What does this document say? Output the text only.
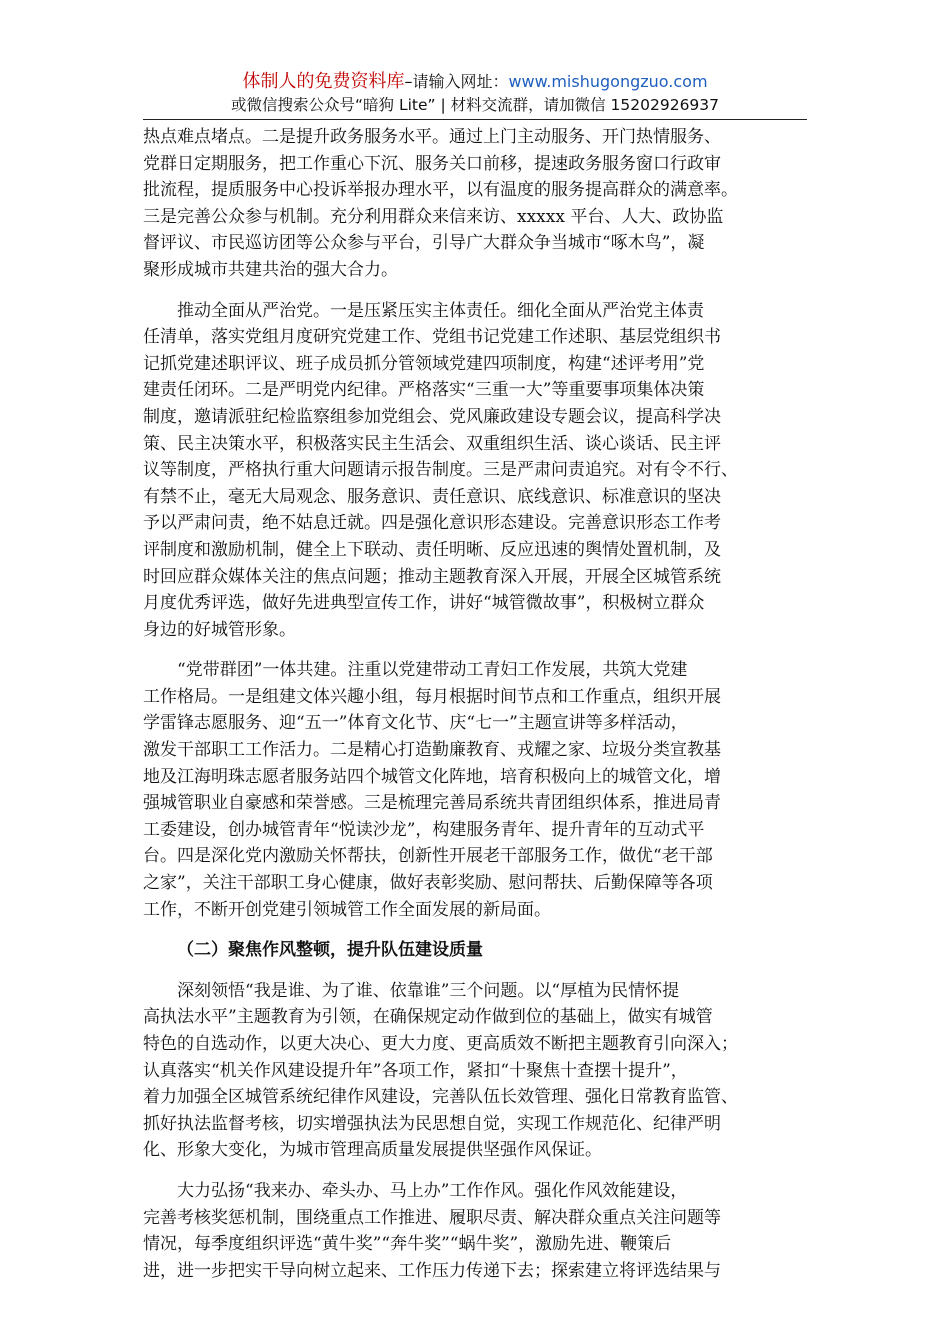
体制人的免费资料库–请输入网址：www.mishugongzuo.com
或微信搜索公众号“暗狗 Lite” | 材料交流群，请加微信 15202926937
热点难点堵点。二是提升政务服务水平。通过上门主动服务、开门热情服务、
党群日定期服务，把工作重心下沉、服务关口前移，提速政务服务窗口行政审
批流程，提质服务中心投诉举报办理水平，以有温度的服务提高群众的满意率。
三是完善公众参与机制。充分利用群众来信来访、xxxxx 平台、人大、政协监
督评议、市民巡访团等公众参与平台，引导广大群众争当城市“啄木鸟”，凝
聚形成城市共建共治的强大合力。
推动全面从严治党。一是压紧压实主体责任。细化全面从严治党主体责
任清单，落实党组月度研究党建工作、党组书记党建工作述职、基层党组织书
记抓党建述职评议、班子成员抓分管领域党建四项制度，构建“述评考用”党
建责任闭环。二是严明党内纪律。严格落实“三重一大”等重要事项集体决策
制度，邀请派驻纪检监察组参加党组会、党风廉政建设专题会议，提高科学决
策、民主决策水平，积极落实民主生活会、双重组织生活、谈心谈话、民主评
议等制度，严格执行重大问题请示报告制度。三是严肃问责追究。对有令不行、
有禁不止，毫无大局观念、服务意识、责任意识、底线意识、标准意识的坚决
予以严肃问责，绝不姑息迁就。四是强化意识形态建设。完善意识形态工作考
评制度和激励机制，健全上下联动、责任明晰、反应迅速的舆情处置机制，及
时回应群众媒体关注的焦点问题；推动主题教育深入开展，开展全区城管系统
月度优秀评选，做好先进典型宣传工作，讲好“城管微故事”，积极树立群众
身边的好城管形象。
“党带群团”一体共建。注重以党建带动工青妇工作发展，共筑大党建
工作格局。一是组建文体兴趣小组，每月根据时间节点和工作重点，组织开展
学雷锋志愿服务、迎“五一”体育文化节、庆“七一”主题宣讲等多样活动，
激发干部职工工作活力。二是精心打造勤廉教育、戎耀之家、垃圾分类宣教基
地及江海明珠志愿者服务站四个城管文化阵地，培育积极向上的城管文化，增
强城管职业自豪感和荣誉感。三是梳理完善局系统共青团组织体系，推进局青
工委建设，创办城管青年“悦读沙龙”，构建服务青年、提升青年的互动式平
台。四是深化党内激励关怀帮扶，创新性开展老干部服务工作，做优“老干部
之家”，关注干部职工身心健康，做好表彰奖励、慰问帮扶、后勤保障等各项
工作，不断开创党建引领城管工作全面发展的新局面。
（二）聚焦作风整顿，提升队伍建设质量
深刻领悟“我是谁、为了谁、依靠谁”三个问题。以“厚植为民情怀提
高执法水平”主题教育为引领，在确保规定动作做到位的基础上，做实有城管
特色的自选动作，以更大决心、更大力度、更高质效不断把主题教育引向深入；
认真落实“机关作风建设提升年”各项工作，紧扣“十聚焦十查摆十提升”，
着力加强全区城管系统纪律作风建设，完善队伍长效管理、强化日常教育监管、
抓好执法监督考核，切实增强执法为民思想自觉，实现工作规范化、纪律严明
化、形象大变化，为城市管理高质量发展提供坚强作风保证。
大力弘扬“我来办、牵头办、马上办”工作作风。强化作风效能建设，
完善考核奖惩机制，围绕重点工作推进、履职尽责、解决群众重点关注问题等
情况，每季度组织评选“黄牛奖”“奔牛奖”“蜗牛奖”，激励先进、鞭策后
进，进一步把实干导向树立起来、工作压力传递下去；探索建立将评选结果与
